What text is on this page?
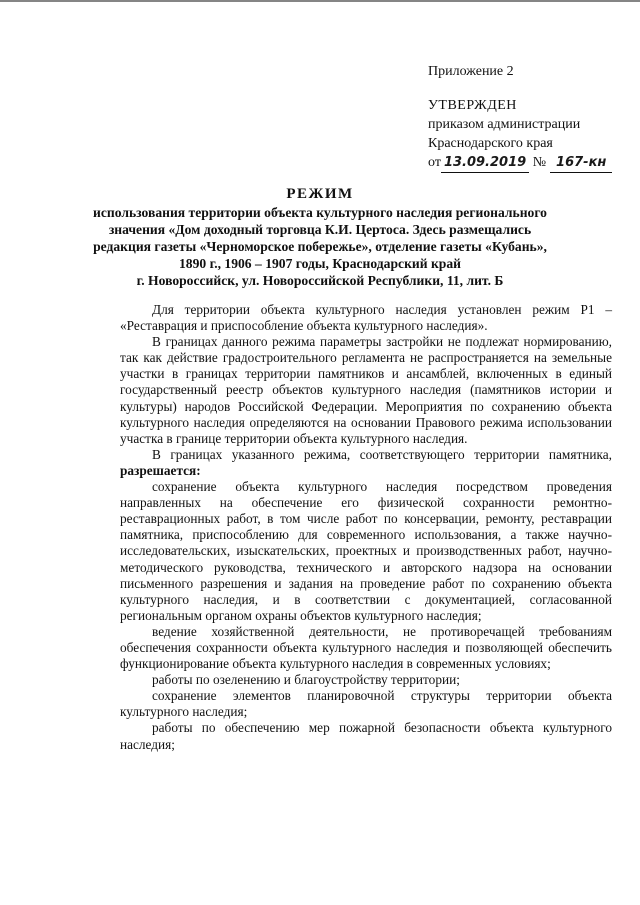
Приложение 2
УТВЕРЖДЕН
приказом администрации
Краснодарского края
от 13.09.2019 № 167-кн
РЕЖИМ
использования территории объекта культурного наследия регионального
значения «Дом доходный торговца К.И. Цертоса. Здесь размещались
редакция газеты «Черноморское побережье», отделение газеты «Кубань»,
1890 г., 1906 – 1907 годы, Краснодарский край
г. Новороссийск, ул. Новороссийской Республики, 11, лит. Б

Для территории объекта культурного наследия установлен режим Р1 – «Реставрация и приспособление объекта культурного наследия».

В границах данного режима параметры застройки не подлежат нормированию, так как действие градостроительного регламента не распространяется на земельные участки в границах территории памятников и ансамблей, включенных в единый государственный реестр объектов культурного наследия (памятников истории и культуры) народов Российской Федерации. Мероприятия по сохранению объекта культурного наследия определяются на основании Правового режима использовании участка в границе территории объекта культурного наследия.

В границах указанного режима, соответствующего территории памятника, разрешается:

сохранение объекта культурного наследия посредством проведения направленных на обеспечение его физической сохранности ремонтно-реставрационных работ, в том числе работ по консервации, ремонту, реставрации памятника, приспособлению для современного использования, а также научно-исследовательских, изыскательских, проектных и производственных работ, научно-методического руководства, технического и авторского надзора на основании письменного разрешения и задания на проведение работ по сохранению объекта культурного наследия, и в соответствии с документацией, согласованной региональным органом охраны объектов культурного наследия;

ведение хозяйственной деятельности, не противоречащей требованиям обеспечения сохранности объекта культурного наследия и позволяющей обеспечить функционирование объекта культурного наследия в современных условиях;

работы по озеленению и благоустройству территории;

сохранение элементов планировочной структуры территории объекта культурного наследия;

работы по обеспечению мер пожарной безопасности объекта культурного наследия;
